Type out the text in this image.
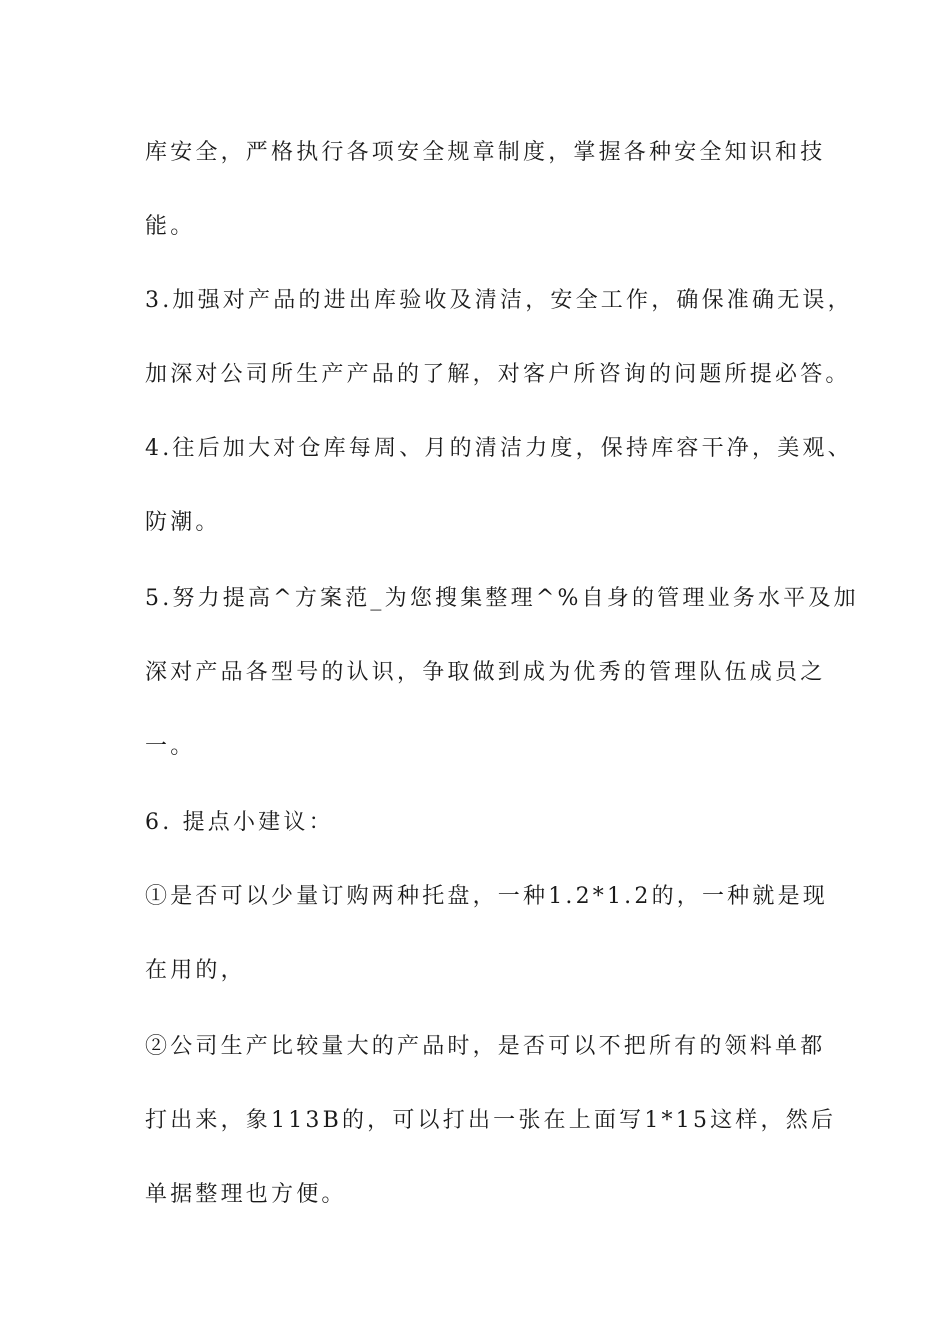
库安全，严格执行各项安全规章制度，掌握各种安全知识和技
能。
3.加强对产品的进出库验收及清洁，安全工作，确保准确无误，
加深对公司所生产产品的了解，对客户所咨询的问题所提必答。
4.往后加大对仓库每周、月的清洁力度，保持库容干净，美观、
防潮。
5.努力提高^方案范_为您搜集整理^%自身的管理业务水平及加
深对产品各型号的认识，争取做到成为优秀的管理队伍成员之
一。
6. 提点小建议：
①是否可以少量订购两种托盘，一种1.2*1.2的，一种就是现
在用的，
②公司生产比较量大的产品时，是否可以不把所有的领料单都
打出来，象113B的，可以打出一张在上面写1*15这样，然后
单据整理也方便。
